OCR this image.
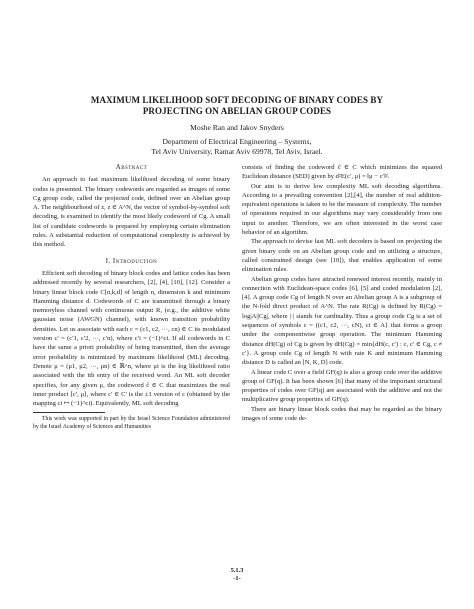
MAXIMUM LIKELIHOOD SOFT DECODING OF BINARY CODES BY
PROJECTING ON ABELIAN GROUP CODES
Moshe Ran and Jakov Snyders
Department of Electrical Engineering – Systems,
Tel Aviv University, Ramat Aviv 69978, Tel Aviv, Israel.

Abstract

An approach to fast maximum likelihood decoding of some binary codes is presented. The binary codewords are regarded as images of some Cg group code, called the projected code, defined over an Abelian group A. The neighbourhood of z, z ∈ A^N, the vector of symbol-by-symbol soft decoding, is examined to identify the most likely codeword of Cg. A small list of candidate codewords is prepared by employing certain elimination rules. A substantial reduction of computational complexity is achieved by this method.

I. Introduction

Efficient soft decoding of binary block codes and lattice codes has been addressed recently by several researchers, [2], [4], [10], [12]. Consider a binary linear block code C[n,k,d] of length n, dimension k and minimum Hamming distance d. Codewords of C are transmitted through a binary memoryless channel with continuous output R, (e.g., the additive white gaussian noise (AWGN) channel), with known transition probability densities. Let us associate with each c = (c1, c2, ···, cn) ∈ C its modulated version c′ = (c′1, c′2, ···, c′n), where c′i = (−1)^ci. If all codewords in C have the same a priori probability of being transmitted, then the average error probability is minimized by maximum likelihood (ML) decoding. Denote μ = (μ1, μ2, ···, μn) ∈ ℝ^n, where μi is the log likelihood ratio associated with the ith entry of the received word. An ML soft decoder specifies, for any given μ, the codeword ĉ ∈ C that maximizes the real inner product ⟨c′, μ⟩, where c′ ∈ C′ is the ±1 version of c (obtained by the mapping ci ↦ (−1)^ci). Equivalently, ML soft decoding

This work was supported in part by the Israel Science Foundation administered by the Israel Academy of Sciences and Humanities

consists of finding the codeword ĉ ∈ C which minimizes the squared Euclidean distance (SED) given by d²E(c′, μ) = ‖μ − c′‖².

Our aim is to derive low complexity ML soft decoding algorithms. According to a prevailing convention [2],[4], the number of real addition-equivalent operations is taken to be the measure of complexity. The number of operations required in our algorithms may vary considerably from one input to another. Therefore, we are often interested in the worst case behavior of an algorithm.

The approach to devise fast ML soft decoders is based on projecting the given binary code on an Abelian group code and on utilizing a structure, called constrained design (see [10]), that enables application of some elimination rules.

Abelian group codes have attracted renewed interest recently, mainly in connection with Euclidean-space codes [6], [5] and coded modulation [2], [4]. A group code Cg of length N over an Abelian group A is a subgroup of the N-fold direct product of A^N. The rate R(Cg) is defined by R(Cg) = log|A||Cg|, where |·| stands for cardinality. Thus a group code Cg is a set of sequences of symbols c = ((c1, c2, ···, cN), ci ∈ A} that forms a group under the componentwise group operation. The minimum Hamming distance dH(Cg) of Cg is given by dH(Cg) = min{dH(c, c′) : c, c′ ∈ Cg, c ≠ c′}. A group code Cg of length N with rate K and minimum Hamming distance D is called an [N, K, D] code.

A linear code C over a field GF(q) is also a group code over the additive group of GF(q). It has been shown [6] that many of the important structural properties of codes over GF(q) are associated with the additive and not the multiplicative group properties of GF(q).

There are binary linear block codes that may be regarded as the binary images of some code de-

5.1.3
-1-
